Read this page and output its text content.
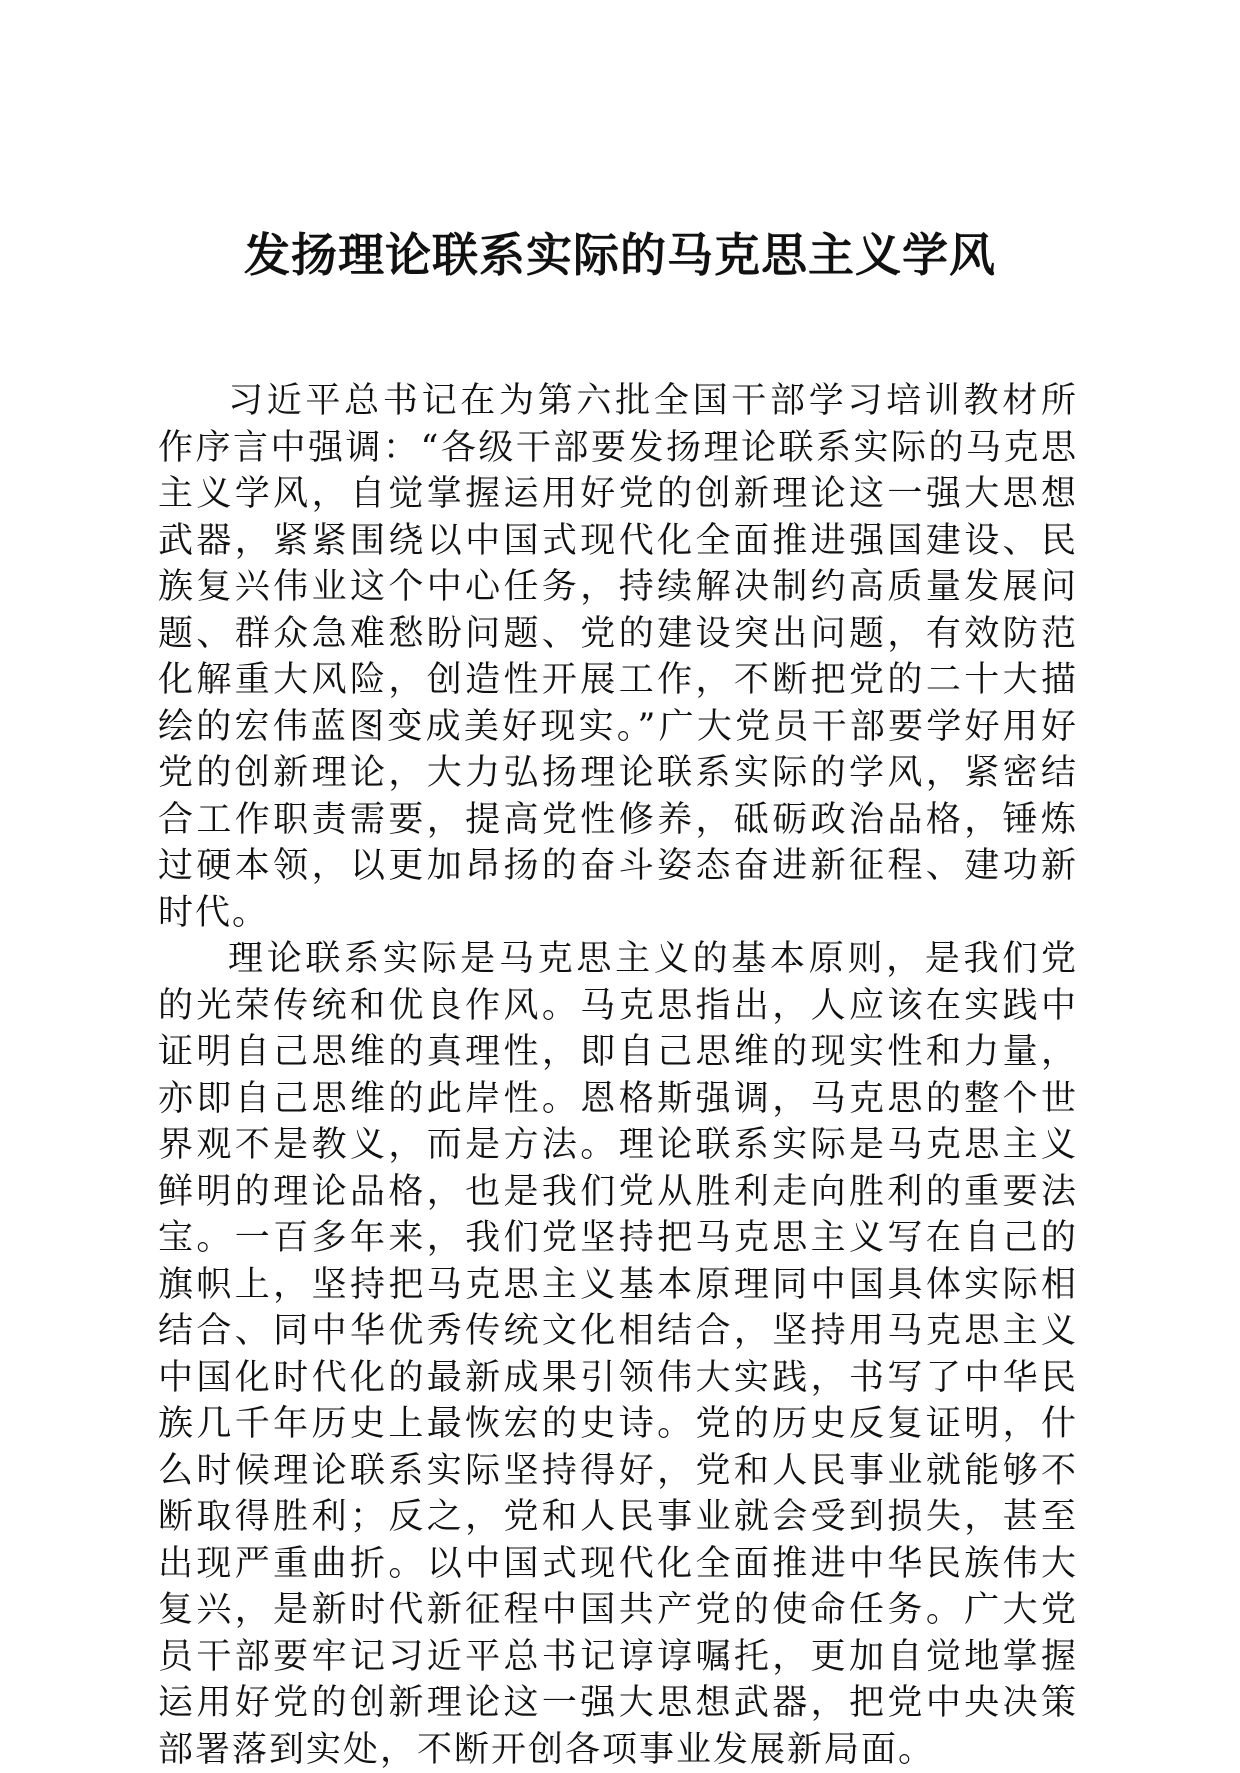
发扬理论联系实际的马克思主义学风

习近平总书记在为第六批全国干部学习培训教材所作序言中强调：“各级干部要发扬理论联系实际的马克思主义学风，自觉掌握运用好党的创新理论这一强大思想武器，紧紧围绕以中国式现代化全面推进强国建设、民族复兴伟业这个中心任务，持续解决制约高质量发展问题、群众急难愁盼问题、党的建设突出问题，有效防范化解重大风险，创造性开展工作，不断把党的二十大描绘的宏伟蓝图变成美好现实。”广大党员干部要学好用好党的创新理论，大力弘扬理论联系实际的学风，紧密结合工作职责需要，提高党性修养，砥砺政治品格，锤炼过硬本领，以更加昂扬的奋斗姿态奋进新征程、建功新时代。

理论联系实际是马克思主义的基本原则，是我们党的光荣传统和优良作风。马克思指出，人应该在实践中证明自己思维的真理性，即自己思维的现实性和力量，亦即自己思维的此岸性。恩格斯强调，马克思的整个世界观不是教义，而是方法。理论联系实际是马克思主义鲜明的理论品格，也是我们党从胜利走向胜利的重要法宝。一百多年来，我们党坚持把马克思主义写在自己的旗帜上，坚持把马克思主义基本原理同中国具体实际相结合、同中华优秀传统文化相结合，坚持用马克思主义中国化时代化的最新成果引领伟大实践，书写了中华民族几千年历史上最恢宏的史诗。党的历史反复证明，什么时候理论联系实际坚持得好，党和人民事业就能够不断取得胜利；反之，党和人民事业就会受到损失，甚至出现严重曲折。以中国式现代化全面推进中华民族伟大复兴，是新时代新征程中国共产党的使命任务。广大党员干部要牢记习近平总书记谆谆嘱托，更加自觉地掌握运用好党的创新理论这一强大思想武器，把党中央决策部署落到实处，不断开创各项事业发展新局面。
